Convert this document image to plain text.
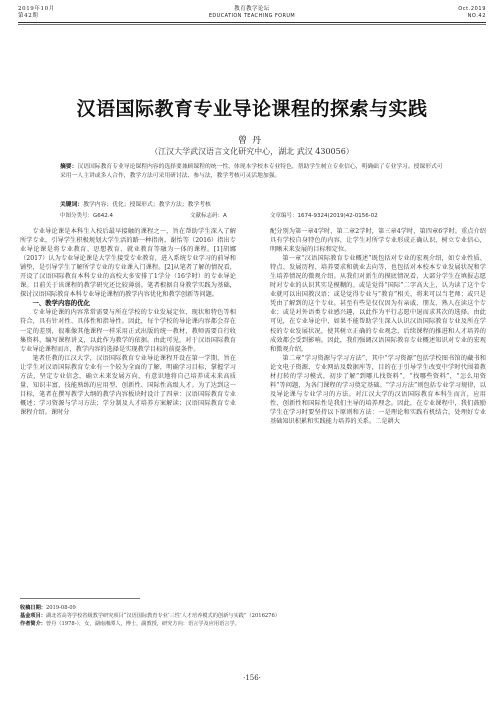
2019年10月
第42期
教育教学论坛
EDUCATION TEACHING FORUM
Oct.2019
NO.42
汉语国际教育专业导论课程的探索与实践
曾丹
（江汉大学武汉语言文化研究中心，湖北 武汉 430056）
摘要：汉语国际教育专业导论课程内容的选择要兼顾课程的统一性、体现本学校本专业特色，帮助学生树立专业信心，明确础了专业学习。授课形式可采用一人主讲或多人合作，教学方法可采用研讨法、参与法，教学考核可灵活地加强。
关键词：教学内容；优化；授课形式；教学方法；教学考核
中图分类号：G642.4	文献标志码：A	文章编号：1674-9324(2019)42-0156-02

专业导论课是本科生入校后最早接触的课程之一，旨在帮助学生深入了解所学专业，引导学生积极规划大学生活的路一种指南。谢怡等（2016）指出专业导论课是将专业教育、思想教育、就业教育等融为一体的课程。[1]胡娜（2017）认为专业导论课是大学生接受专业教育，进入系统专业学习的前导和铺垫，是引导学生了解所学专业的专业课入门课程。[2]从笔者了解的情况看，开设了汉语国际教育本科专业的高校大多安排了1学分（16学时）的专业导论课。目前关于该课程的教学研究还比较薄弱。笔者根据自身教学实践为基础，探讨汉语国际教育本科专业导论课程的教学内容优化和教学创新等问题。

一、教学内容的优化

专业导论课的内容常常需要与所在学校的专业发展定位、现状和特色等相符合，具有针对性、具体性和指导性。因此，每个学校的导论课内容都会存在一定的差别，很难像其他课程一样采用正式出版的统一教材，教师需要自行收集资料，编写课程讲义，以此作为教学的依据。由此可见，对于汉语国际教育专业导论课程而言，教学内容的选择是实现教学目标的前提条件。

笔者任教的江汉大学，汉语国际教育专业导论课程开设在第一学期，旨在让学生对汉语国际教育专业有一个较为全面的了解，明确学习目标，掌握学习方法，坚定专业信念，确立未来发展方向，有意识地将自己培养成未来高质量、知识丰富、技能熟练的应用型、创新性、国际性高级人才。为了达到这一目标，笔者在撰写教学大纲的教学内容板块时设计了四章：汉语国际教育专业概述；学习资源与学习方法；学分制及人才培养方案解读；汉语国际教育专业课程介绍。课时分

配分别为第一章4学时，第二章2学时，第三章4学时，第四章6学时。重点介绍具有学校自身特色的内容，让学生对所学专业形成正确认识，树立专业信心，明晰未来发展的目标和定位。

第一章“汉语国际教育专业概述”既包括对专业的宏观介绍，如专业性质、特点、发展历程、培养要求和就业去向等，也包括对本校本专业发展状况和学生培养情况的微观介绍。从我们对新生的摸底情况看，大部分学生在填报志愿时对专业的认识其实是模糊的。或是觉得“国际”二字高大上，认为读了这个专业就可以出国教汉语；或是觉得专业与“教育”相关，将来可以当老师；或只是凭由了解到的这个专业。甚至有些是仅仅因为有亲戚、朋友、熟人在读这个专业；或是对外语类专业感兴趣，以此作为平行志愿中退而求其次的选择。由此可见，在专业导论中，如果不能帮助学生深入认识汉语国际教育专业及所在学校的专业发展状况，使其树立正确的专业观念，后续课程的推进和人才培养的成效都会受到影响。因此，我们强调汉语国际教育专业概述知识对专业的宏观和微观介绍。

第二章“学习资源与学习方法”，其中“学习资源”包括学校图书馆的藏书和论文电子资源、专业网站及数据库等，目的在于引导学生改变中学时代围着教材打转的学习模式，初步了解“到哪儿找资料”，“找哪些资料”，“怎么用资料”等问题，为各门课程的学习奠定基础。“学习方法”则包括专业学习规律，以及导论课与专业学习的方法。对江汉大学的汉语国际教育本科生而言，应用性、创新性和国际性是我们主导的培养理念。因此，在专业课程中，我们鼓励学生在学习时要坚持以下原则和方法：一是理论和实践有机结合。处理好专业基础知识积累和实践能力培养的关系。二是耕大

收稿日期：2019-08-09
基金项目：湖北省高等学校省级教学研究项目“汉语国际教育专业‘三性’人才培养模式的创新与实践”（2016276）
作者简介：曾丹（1978-），女，湖南湘潭人，博士，副教授，研究方向：语言学及应用语言学。
·156·
